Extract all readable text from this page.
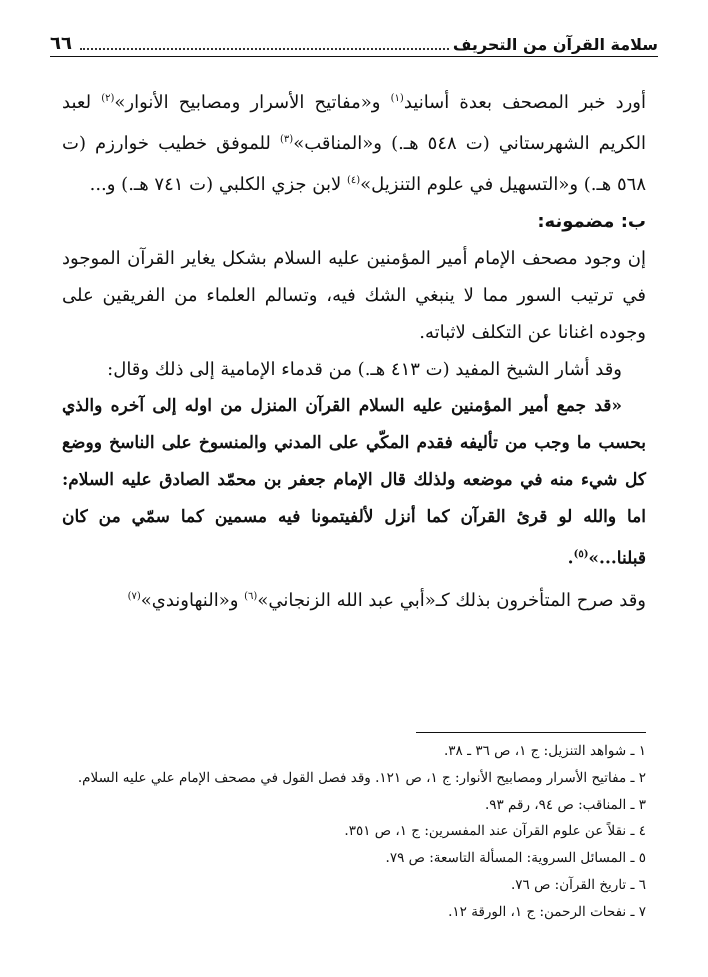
٦٦	سلامة القرآن من التحريف

أورد خبر المصحف بعدة أسانيد$^{(١)}$ و«مفاتيح الأسرار ومصابيح الأنوار»$^{(٢)}$ لعبد الكريم الشهرستاني (ت ٥٤٨ هـ.) و«المناقب»$^{(٣)}$ للموفق خطيب خوارزم (ت ٥٦٨ هـ.) و«التسهيل في علوم التنزيل»$^{(٤)}$ لابن جزي الكلبي (ت ٧٤١ هـ.) و...

ب: مضمونه:

إن وجود مصحف الإمام أمير المؤمنين عليه السلام بشكل يغاير القرآن الموجود في ترتيب السور مما لا ينبغي الشك فيه، وتسالم العلماء من الفريقين على وجوده اغنانا عن التكلف لاثباته.

وقد أشار الشيخ المفيد (ت ٤١٣ هـ.) من قدماء الإمامية إلى ذلك وقال:

«قد جمع أمير المؤمنين عليه السلام القرآن المنزل من اوله إلى آخره والذي بحسب ما وجب من تأليفه فقدم المكّي على المدني والمنسوخ على الناسخ ووضع كل شيء منه في موضعه ولذلك قال الإمام جعفر بن محمّد الصادق عليه السلام: اما والله لو قرئ القرآن كما أنزل لألفيتمونا فيه مسمين كما سمّي من كان قبلنا...»$^{(٥)}$.

وقد صرح المتأخرون بذلك كـ«أبي عبد الله الزنجاني»$^{(٦)}$ و«النهاوندي»$^{(٧)}$

١ ـ شواهد التنزيل: ج ١، ص ٣٦ ـ ٣٨.
٢ ـ مفاتيح الأسرار ومصابيح الأنوار: ج ١، ص ١٢١. وقد فصل القول في مصحف الإمام علي عليه السلام.
٣ ـ المناقب: ص ٩٤، رقم ٩٣.
٤ ـ نقلاً عن علوم القرآن عند المفسرين: ج ١، ص ٣٥١.
٥ ـ المسائل السروية: المسألة التاسعة: ص ٧٩.
٦ ـ تاريخ القرآن: ص ٧٦.
٧ ـ نفحات الرحمن: ج ١، الورقة ١٢.
